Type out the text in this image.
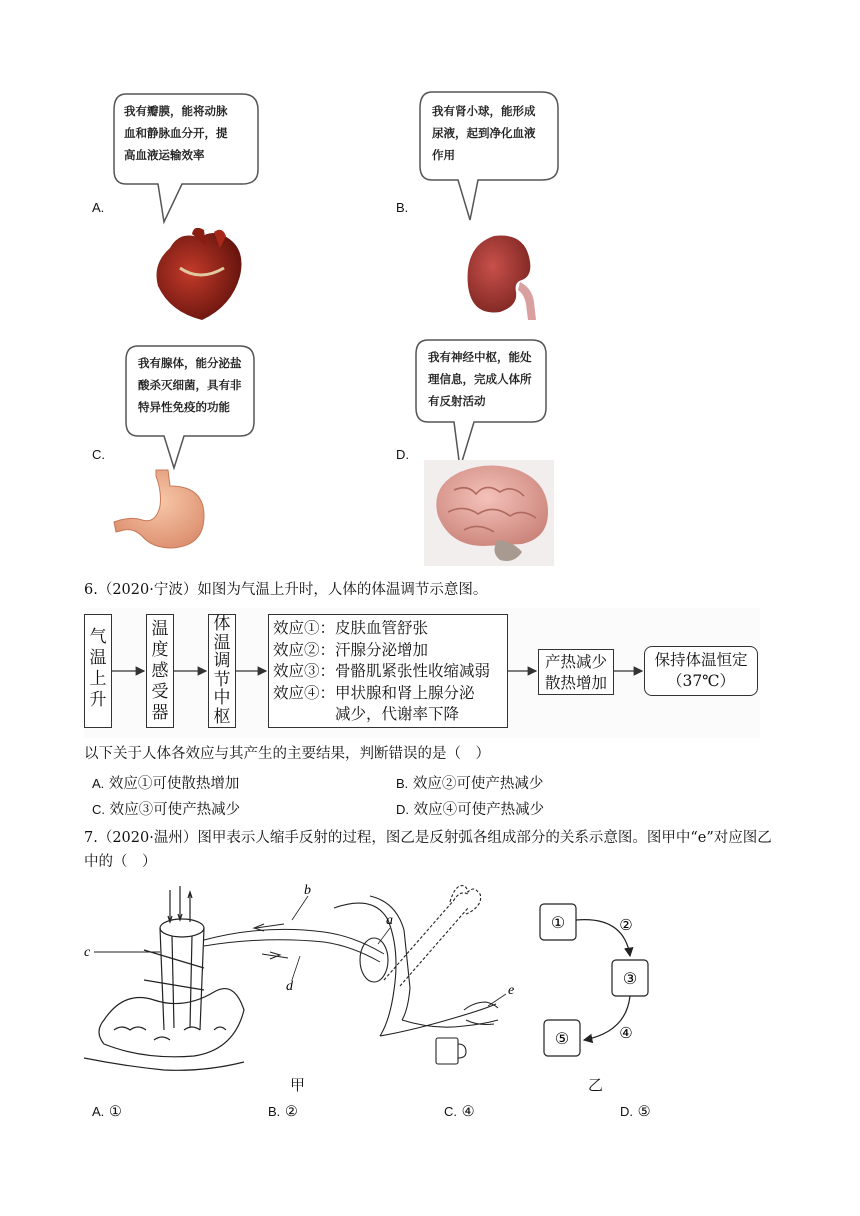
A.
我有瓣膜，能将动脉
血和静脉血分开，提
高血液运输效率
B.
我有肾小球，能形成
尿液，起到净化血液
作用
C.
我有腺体，能分泌盐
酸杀灭细菌，具有非
特异性免疫的功能
D.
我有神经中枢，能处
理信息，完成人体所
有反射活动
6.（2020·宁波）如图为气温上升时，人体的体温调节示意图。
气
温
上
升
温
度
感
受
器
体
温
调
节
中
枢
效应①：皮肤血管舒张
效应②：汗腺分泌增加
效应③：骨骼肌紧张性收缩减弱
效应④：甲状腺和肾上腺分泌
　　　　减少，代谢率下降
产热减少
散热增加
保持体温恒定
（37℃）
以下关于人体各效应与其产生的主要结果，判断错误的是（　）
A. 效应①可使散热增加	B. 效应②可使产热减少
C. 效应③可使产热减少	D. 效应④可使产热减少
7.（2020·温州）图甲表示人缩手反射的过程，图乙是反射弧各组成部分的关系示意图。图甲中“e”对应图乙
中的（　）
b
c
d
a
e
甲
①
③
⑤
②
④
乙
A. ①	B. ②	C. ④	D. ⑤
